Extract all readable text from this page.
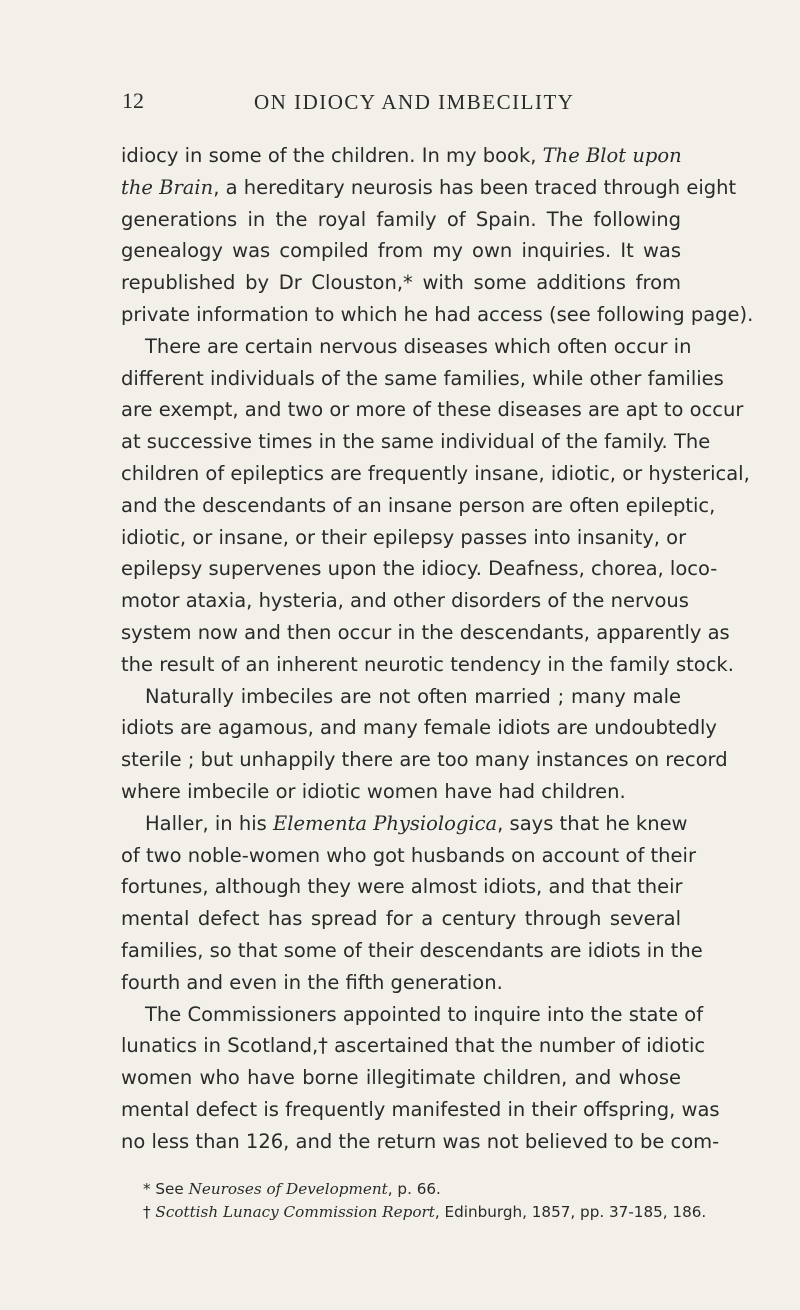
12	ON IDIOCY AND IMBECILITY
idiocy in some of the children. In my book, The Blot upon
the Brain, a hereditary neurosis has been traced through eight
generations in the royal family of Spain. The following
genealogy was compiled from my own inquiries. It was
republished by Dr Clouston,* with some additions from
private information to which he had access (see following page).
There are certain nervous diseases which often occur in
different individuals of the same families, while other families
are exempt, and two or more of these diseases are apt to occur
at successive times in the same individual of the family. The
children of epileptics are frequently insane, idiotic, or hysterical,
and the descendants of an insane person are often epileptic,
idiotic, or insane, or their epilepsy passes into insanity, or
epilepsy supervenes upon the idiocy. Deafness, chorea, loco-
motor ataxia, hysteria, and other disorders of the nervous
system now and then occur in the descendants, apparently as
the result of an inherent neurotic tendency in the family stock.
Naturally imbeciles are not often married ; many male
idiots are agamous, and many female idiots are undoubtedly
sterile ; but unhappily there are too many instances on record
where imbecile or idiotic women have had children.
Haller, in his Elementa Physiologica, says that he knew
of two noble-women who got husbands on account of their
fortunes, although they were almost idiots, and that their
mental defect has spread for a century through several
families, so that some of their descendants are idiots in the
fourth and even in the fifth generation.
The Commissioners appointed to inquire into the state of
lunatics in Scotland,† ascertained that the number of idiotic
women who have borne illegitimate children, and whose
mental defect is frequently manifested in their offspring, was
no less than 126, and the return was not believed to be com-
* See Neuroses of Development, p. 66.
† Scottish Lunacy Commission Report, Edinburgh, 1857, pp. 37-185, 186.
